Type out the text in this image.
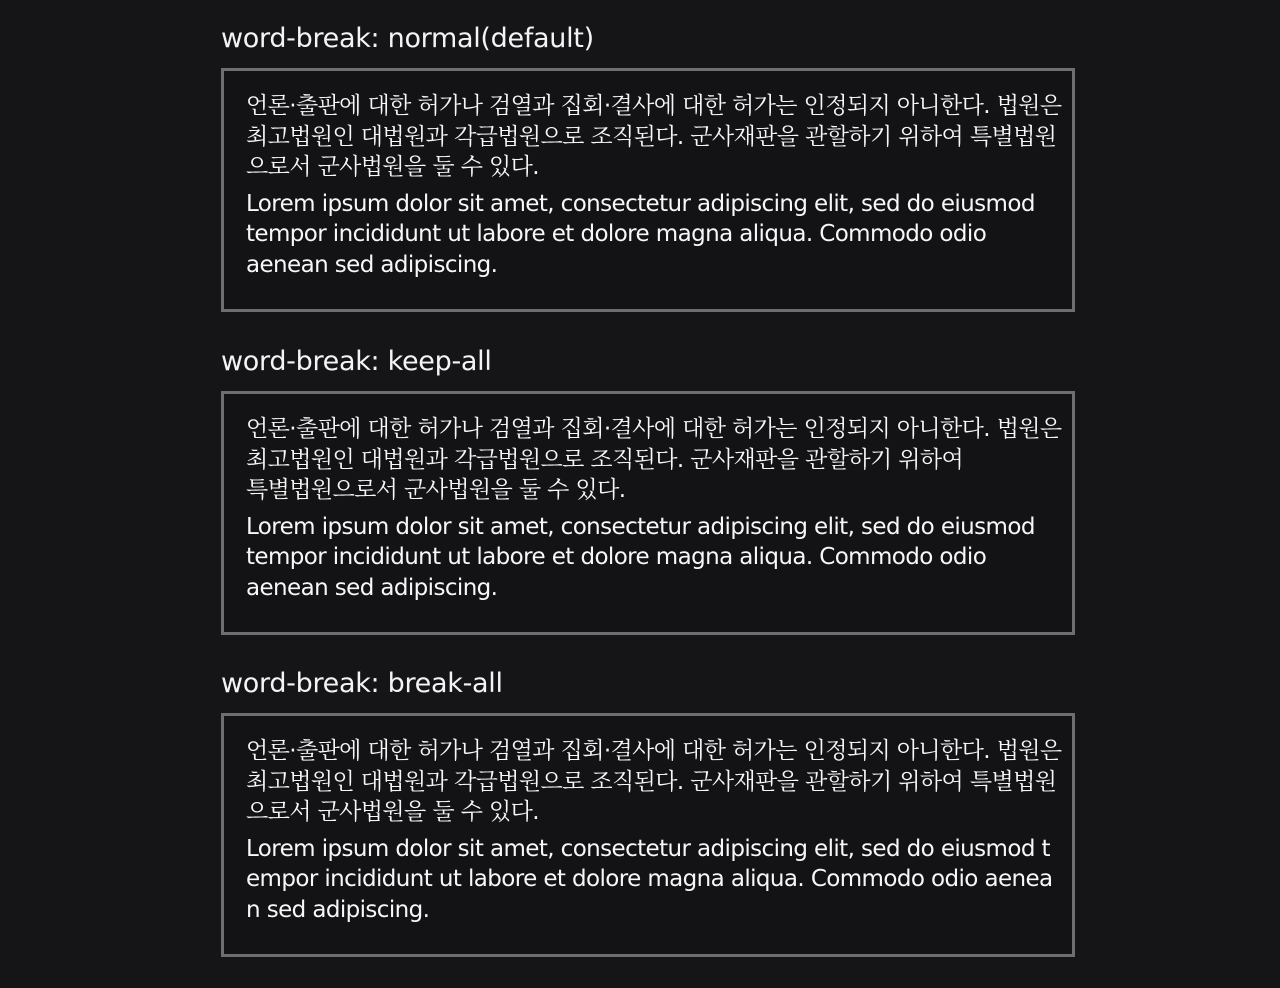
word-break: normal(default)

언론·출판에 대한 허가나 검열과 집회·결사에 대한 허가는 인정되지 아니한다. 법원은 최고법원인 대법원과 각급법원으로 조직된다. 군사재판을 관할하기 위하여 특별법원으로서 군사법원을 둘 수 있다.

Lorem ipsum dolor sit amet, consectetur adipiscing elit, sed do eiusmod tempor incididunt ut labore et dolore magna aliqua. Commodo odio aenean sed adipiscing.

word-break: keep-all

언론·출판에 대한 허가나 검열과 집회·결사에 대한 허가는 인정되지 아니한다. 법원은 최고법원인 대법원과 각급법원으로 조직된다. 군사재판을 관할하기 위하여 특별법원으로서 군사법원을 둘 수 있다.

Lorem ipsum dolor sit amet, consectetur adipiscing elit, sed do eiusmod tempor incididunt ut labore et dolore magna aliqua. Commodo odio aenean sed adipiscing.

word-break: break-all

언론·출판에 대한 허가나 검열과 집회·결사에 대한 허가는 인정되지 아니한다. 법원은 최고법원인 대법원과 각급법원으로 조직된다. 군사재판을 관할하기 위하여 특별법원으로서 군사법원을 둘 수 있다.

Lorem ipsum dolor sit amet, consectetur adipiscing elit, sed do eiusmod tempor incididunt ut labore et dolore magna aliqua. Commodo odio aenean sed adipiscing.
